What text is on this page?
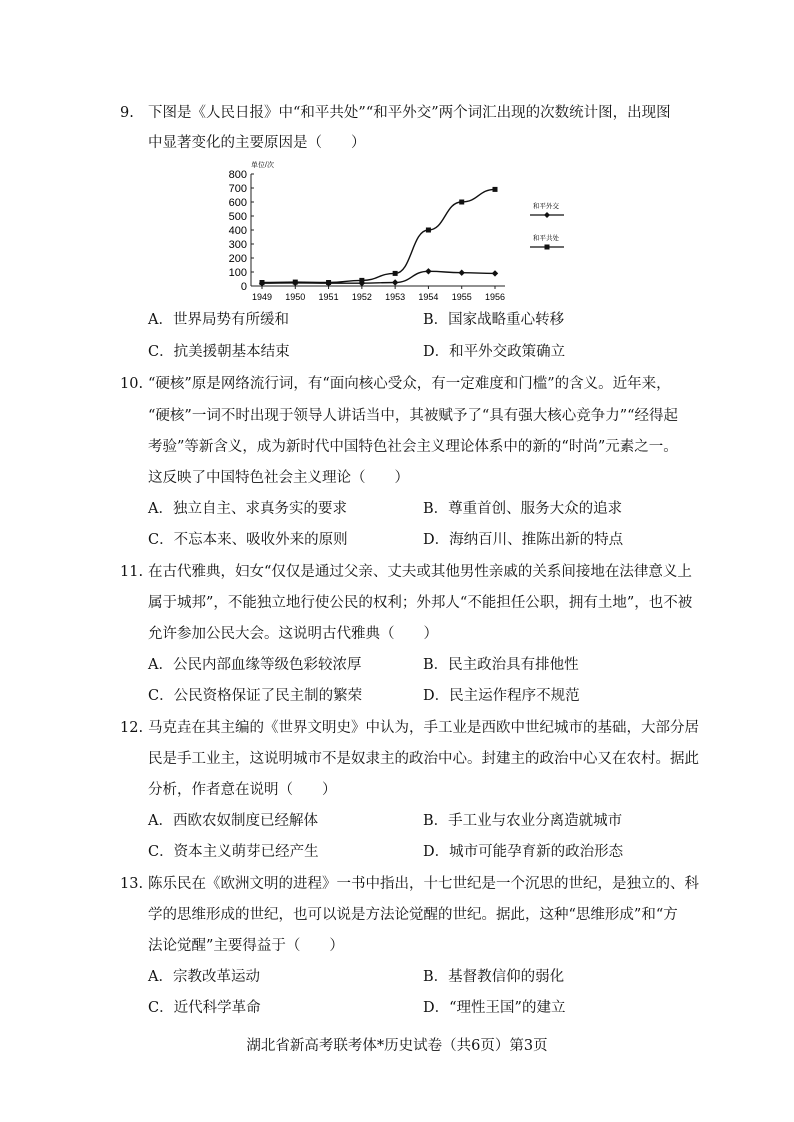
9. 下图是《人民日报》中“和平共处”“和平外交”两个词汇出现的次数统计图，出现图
中显著变化的主要原因是（　　）
单位/次
0
100
200
300
400
500
600
700
800
1949 1950 1951 1952 1953 1954 1955 1956
和平外交
和平共处
A．世界局势有所缓和	B．国家战略重心转移
C．抗美援朝基本结束	D．和平外交政策确立
10. “硬核”原是网络流行词，有“面向核心受众，有一定难度和门槛”的含义。近年来，
“硬核”一词不时出现于领导人讲话当中，其被赋予了“具有强大核心竞争力”“经得起
考验”等新含义，成为新时代中国特色社会主义理论体系中的新的“时尚”元素之一。
这反映了中国特色社会主义理论（　　）
A．独立自主、求真务实的要求	B．尊重首创、服务大众的追求
C．不忘本来、吸收外来的原则	D．海纳百川、推陈出新的特点
11. 在古代雅典，妇女“仅仅是通过父亲、丈夫或其他男性亲戚的关系间接地在法律意义上
属于城邦”，不能独立地行使公民的权利；外邦人“不能担任公职，拥有土地”，也不被
允许参加公民大会。这说明古代雅典（　　）
A．公民内部血缘等级色彩较浓厚	B．民主政治具有排他性
C．公民资格保证了民主制的繁荣	D．民主运作程序不规范
12. 马克垚在其主编的《世界文明史》中认为，手工业是西欧中世纪城市的基础，大部分居
民是手工业主，这说明城市不是奴隶主的政治中心。封建主的政治中心又在农村。据此
分析，作者意在说明（　　）
A．西欧农奴制度已经解体	B．手工业与农业分离造就城市
C．资本主义萌芽已经产生	D．城市可能孕育新的政治形态
13. 陈乐民在《欧洲文明的进程》一书中指出，十七世纪是一个沉思的世纪，是独立的、科
学的思维形成的世纪，也可以说是方法论觉醒的世纪。据此，这种“思维形成”和“方
法论觉醒”主要得益于（　　）
A．宗教改革运动	B．基督教信仰的弱化
C．近代科学革命	D．“理性王国”的建立
湖北省新高考联考体*历史试卷（共6页）第3页
